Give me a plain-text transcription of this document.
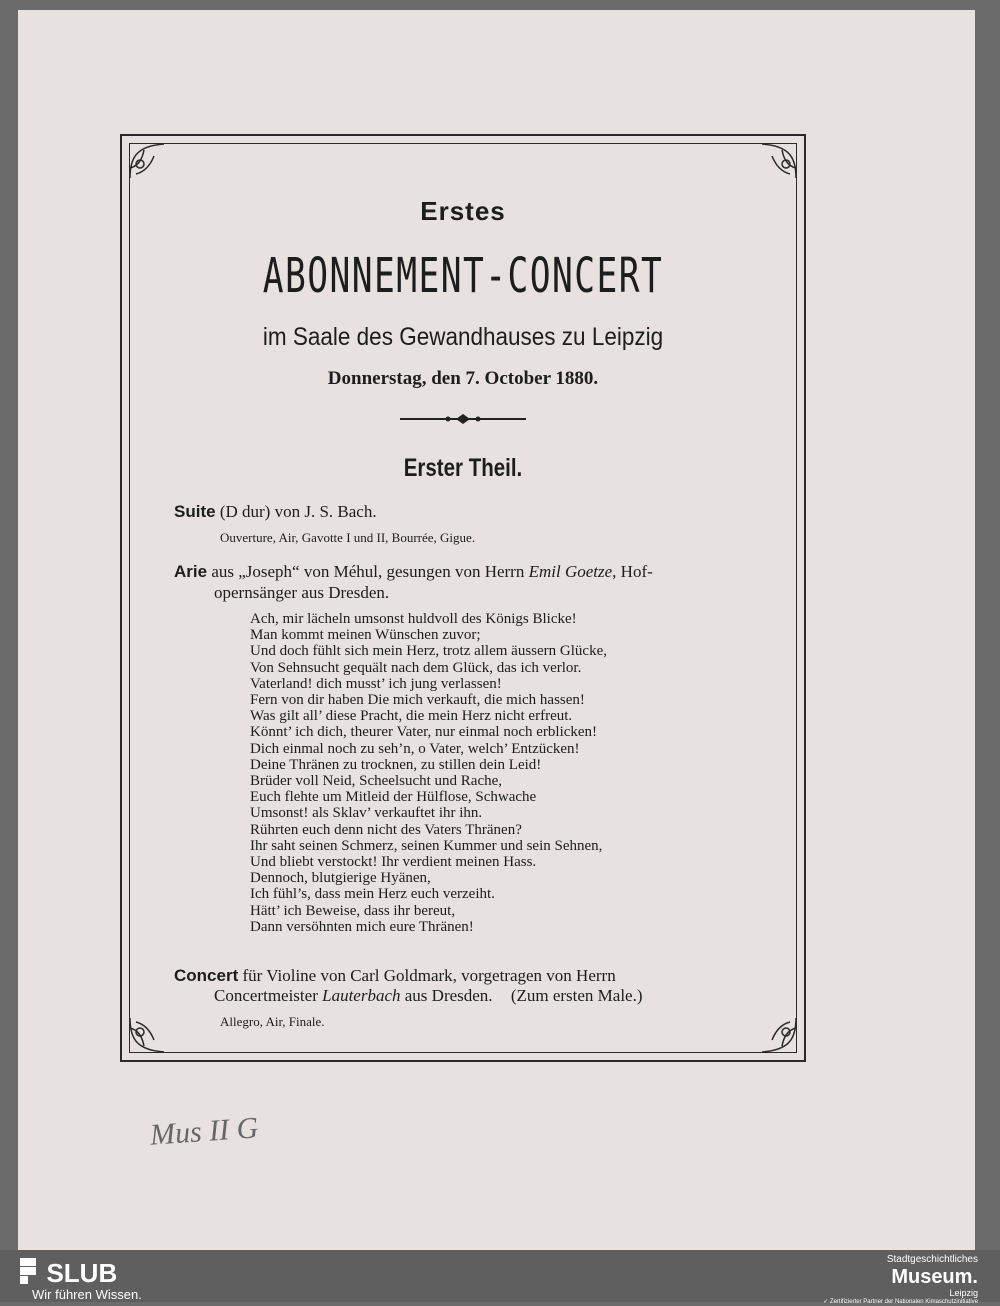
Erstes
ABONNEMENT-CONCERT
im Saale des Gewandhauses zu Leipzig
Donnerstag, den 7. October 1880.
Erster Theil.
Suite (D dur) von J. S. Bach.
Ouverture, Air, Gavotte I und II, Bourrée, Gigue.
Arie aus „Joseph“ von Méhul, gesungen von Herrn Emil Goetze, Hof-
opernsänger aus Dresden.
Ach, mir lächeln umsonst huldvoll des Königs Blicke!
Man kommt meinen Wünschen zuvor;
Und doch fühlt sich mein Herz, trotz allem äussern Glücke,
Von Sehnsucht gequält nach dem Glück, das ich verlor.
Vaterland! dich musst’ ich jung verlassen!
Fern von dir haben Die mich verkauft, die mich hassen!
Was gilt all’ diese Pracht, die mein Herz nicht erfreut.
Könnt’ ich dich, theurer Vater, nur einmal noch erblicken!
Dich einmal noch zu seh’n, o Vater, welch’ Entzücken!
Deine Thränen zu trocknen, zu stillen dein Leid!
Brüder voll Neid, Scheelsucht und Rache,
Euch flehte um Mitleid der Hülflose, Schwache
Umsonst! als Sklav’ verkauftet ihr ihn.
Rührten euch denn nicht des Vaters Thränen?
Ihr saht seinen Schmerz, seinen Kummer und sein Sehnen,
Und bliebt verstockt! Ihr verdient meinen Hass.
Dennoch, blutgierige Hyänen,
Ich fühl’s, dass mein Herz euch verzeiht.
Hätt’ ich Beweise, dass ihr bereut,
Dann versöhnten mich eure Thränen!
Concert für Violine von Carl Goldmark, vorgetragen von Herrn
Concertmeister Lauterbach aus Dresden. (Zum ersten Male.)
Allegro, Air, Finale.
Mus II G
SLUB
Wir führen Wissen.
Stadtgeschichtliches
Museum.
Leipzig
✓ Zertifizierter Partner der Nationalen Kimaschutzinitiative
